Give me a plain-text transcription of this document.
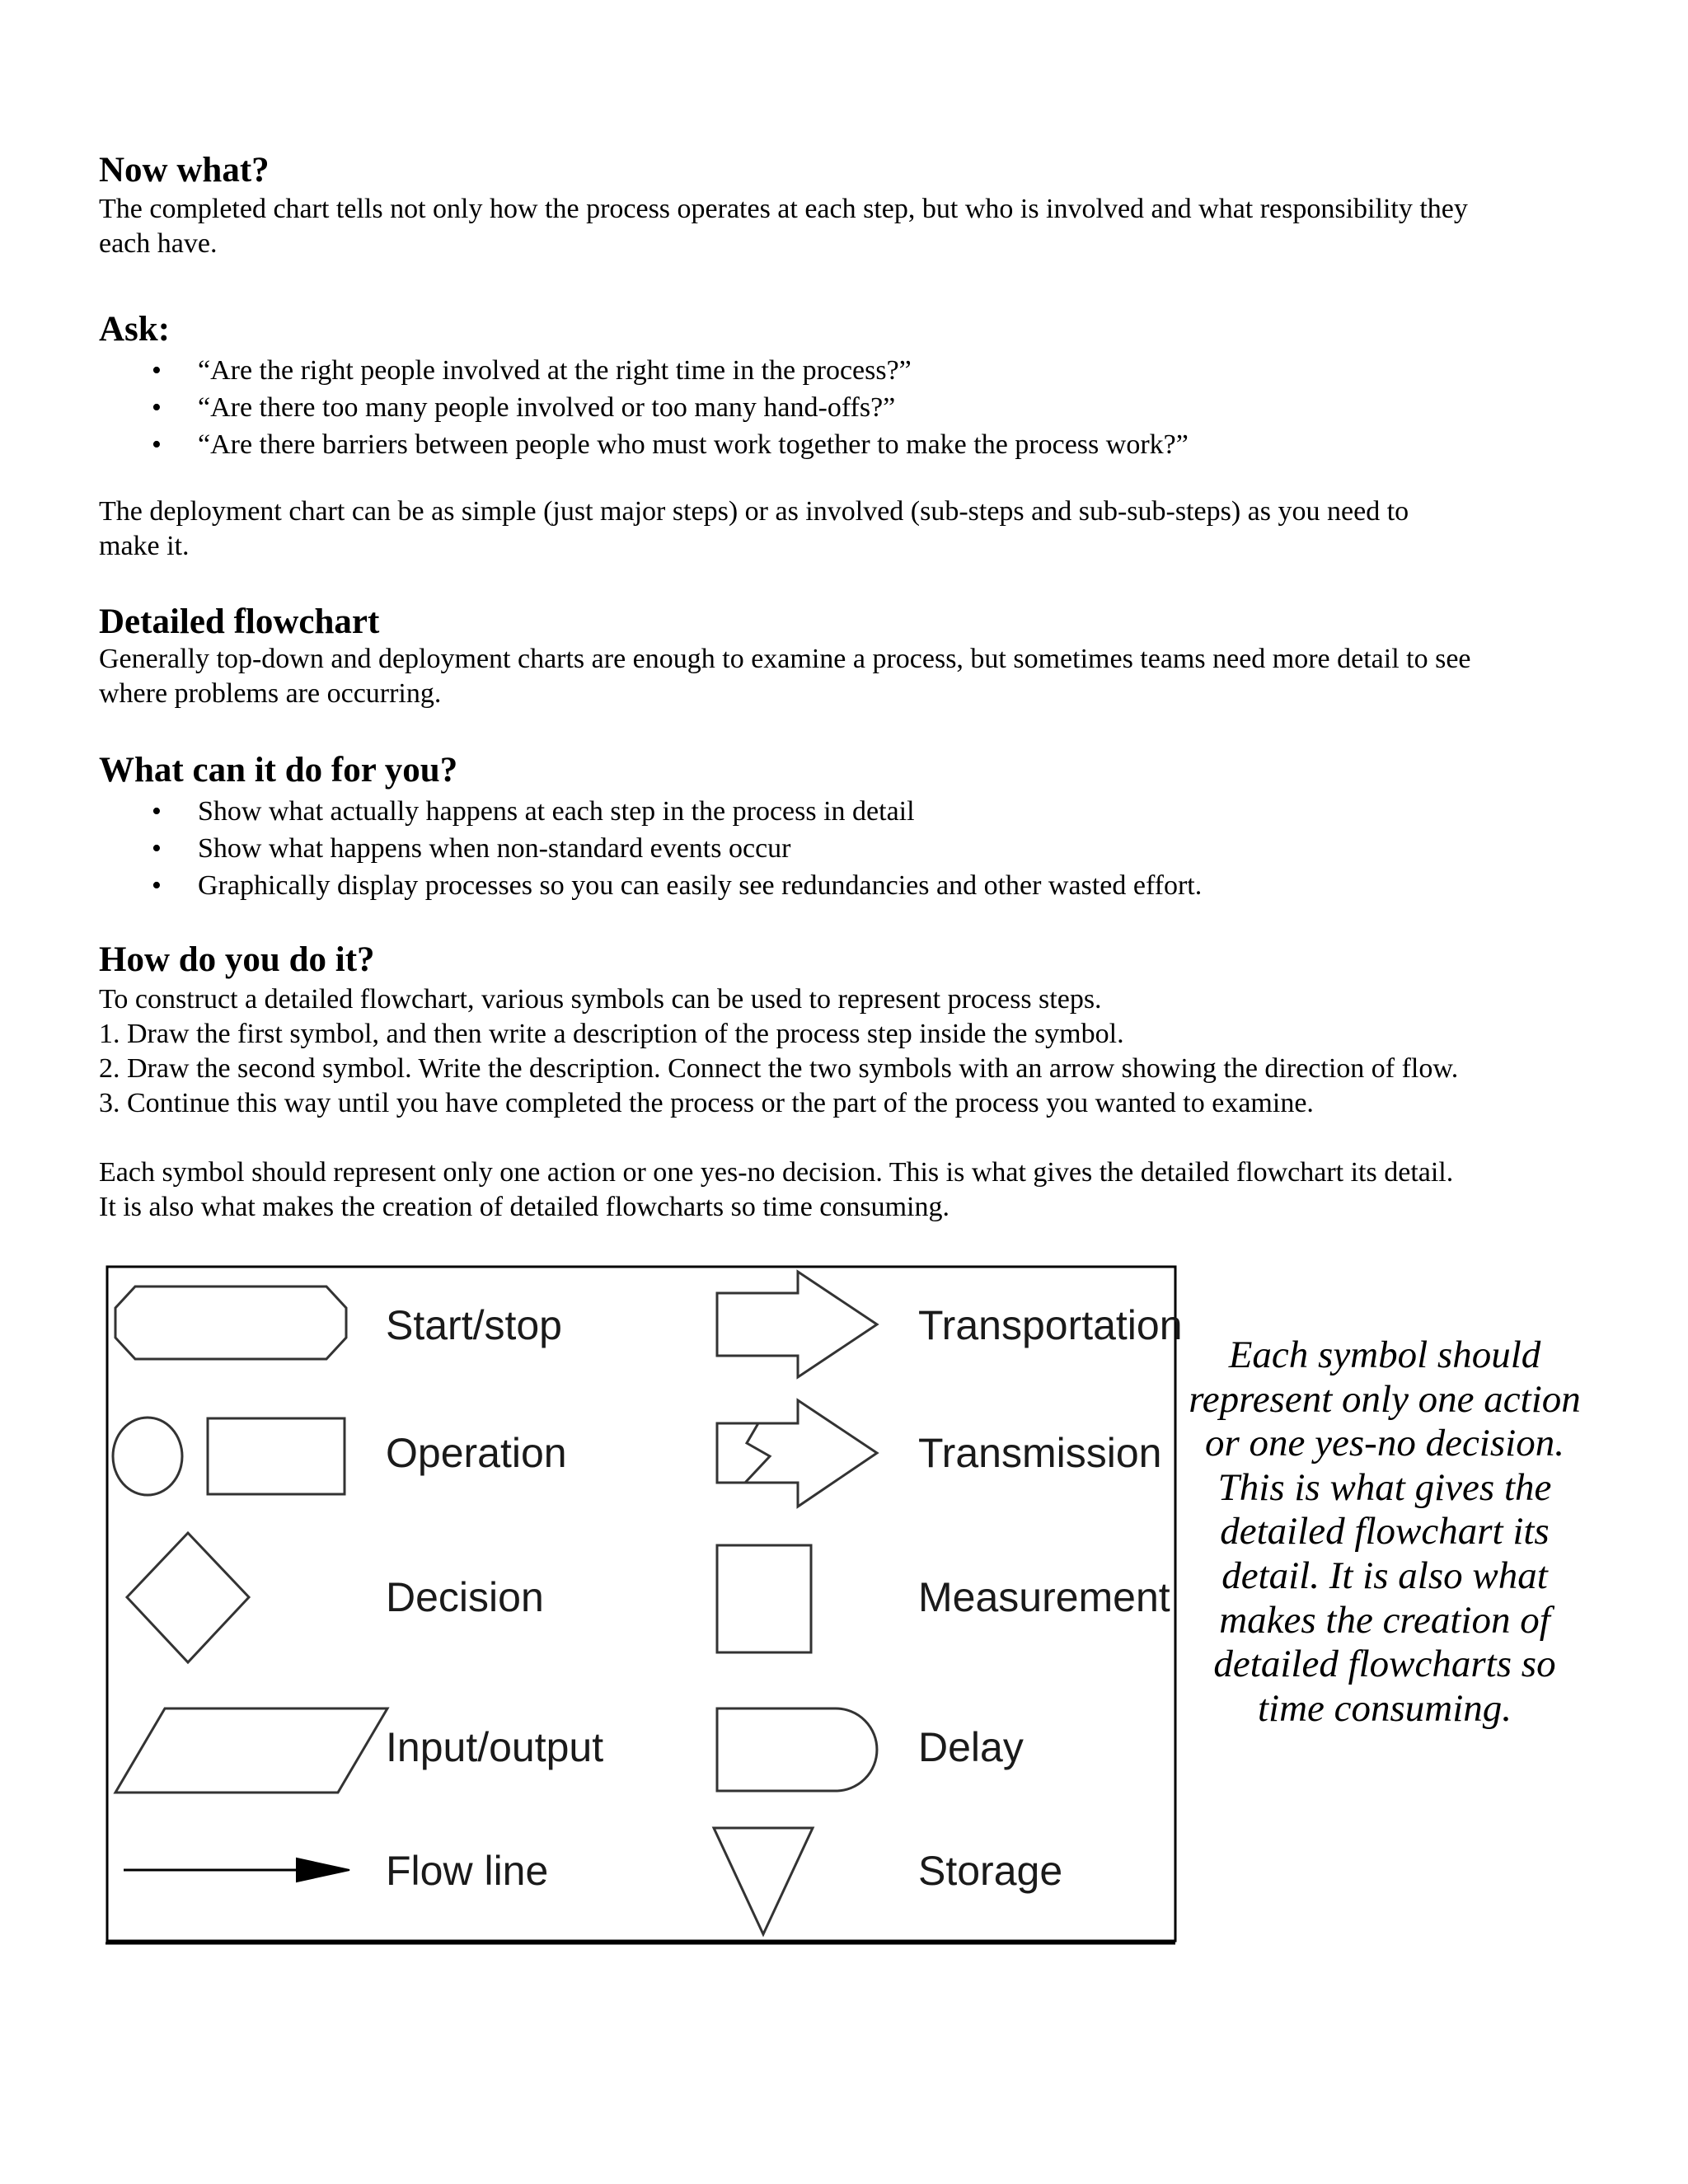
Now what?
The completed chart tells not only how the process operates at each step, but who is involved and what responsibility they
each have.
Ask:
• “Are the right people involved at the right time in the process?”
• “Are there too many people involved or too many hand-offs?”
• “Are there barriers between people who must work together to make the process work?”
The deployment chart can be as simple (just major steps) or as involved (sub-steps and sub-sub-steps) as you need to
make it.
Detailed flowchart
Generally top-down and deployment charts are enough to examine a process, but sometimes teams need more detail to see
where problems are occurring.
What can it do for you?
• Show what actually happens at each step in the process in detail
• Show what happens when non-standard events occur
• Graphically display processes so you can easily see redundancies and other wasted effort.
How do you do it?
To construct a detailed flowchart, various symbols can be used to represent process steps.
1. Draw the first symbol, and then write a description of the process step inside the symbol.
2. Draw the second symbol. Write the description. Connect the two symbols with an arrow showing the direction of flow.
3. Continue this way until you have completed the process or the part of the process you wanted to examine.
Each symbol should represent only one action or one yes-no decision. This is what gives the detailed flowchart its detail.
It is also what makes the creation of detailed flowcharts so time consuming.
Start/stop
Operation
Decision
Input/output
Flow line
Transportation
Transmission
Measurement
Delay
Storage
Each symbol should
represent only one action
or one yes-no decision.
This is what gives the
detailed flowchart its
detail. It is also what
makes the creation of
detailed flowcharts so
time consuming.
